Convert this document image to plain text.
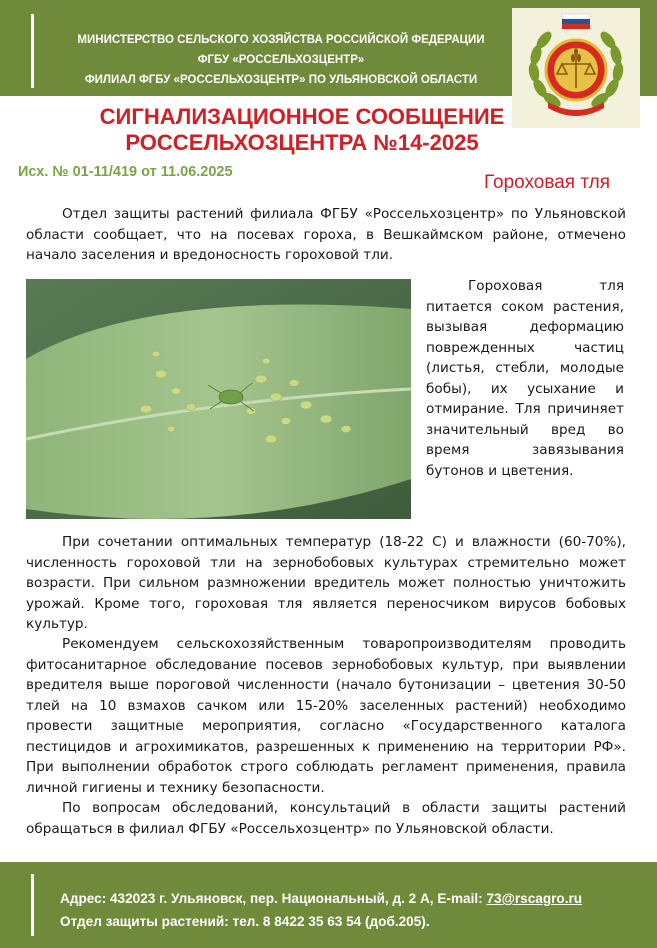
МИНИСТЕРСТВО СЕЛЬСКОГО ХОЗЯЙСТВА РОССИЙСКОЙ ФЕДЕРАЦИИ
ФГБУ «РОССЕЛЬХОЗЦЕНТР»
ФИЛИАЛ ФГБУ «РОССЕЛЬХОЗЦЕНТР» ПО УЛЬЯНОВСКОЙ ОБЛАСТИ
СИГНАЛИЗАЦИОННОЕ СООБЩЕНИЕ
РОССЕЛЬХОЗЦЕНТРА №14-2025
Исх. № 01-11/419 от 11.06.2025	Гороховая тля

Отдел защиты растений филиала ФГБУ «Россельхозцентр» по Ульяновской области сообщает, что на посевах гороха, в Вешкаймском районе, отмечено начало заселения и вредоносность гороховой тли.

Гороховая тля питается соком растения, вызывая деформацию поврежденных частиц (листья, стебли, молодые бобы), их усыхание и отмирание. Тля причиняет значительный вред во время завязывания бутонов и цветения.

При сочетании оптимальных температур (18-22 С) и влажности (60-70%), численность гороховой тли на зернобобовых культурах стремительно может возрасти. При сильном размножении вредитель может полностью уничтожить урожай. Кроме того, гороховая тля является переносчиком вирусов бобовых культур.

Рекомендуем сельскохозяйственным товаропроизводителям проводить фитосанитарное обследование посевов зернобобовых культур, при выявлении вредителя выше пороговой численности (начало бутонизации – цветения 30-50 тлей на 10 взмахов сачком или 15-20% заселенных растений) необходимо провести защитные мероприятия, согласно «Государственного каталога пестицидов и агрохимикатов, разрешенных к применению на территории РФ». При выполнении обработок строго соблюдать регламент применения, правила личной гигиены и технику безопасности.

По вопросам обследований, консультаций в области защиты растений обращаться в филиал ФГБУ «Россельхозцентр» по Ульяновской области.

Адрес: 432023 г. Ульяновск, пер. Национальный, д. 2 А, E-mail: 73@rscagro.ru
Отдел защиты растений: тел. 8 8422 35 63 54 (доб.205).
